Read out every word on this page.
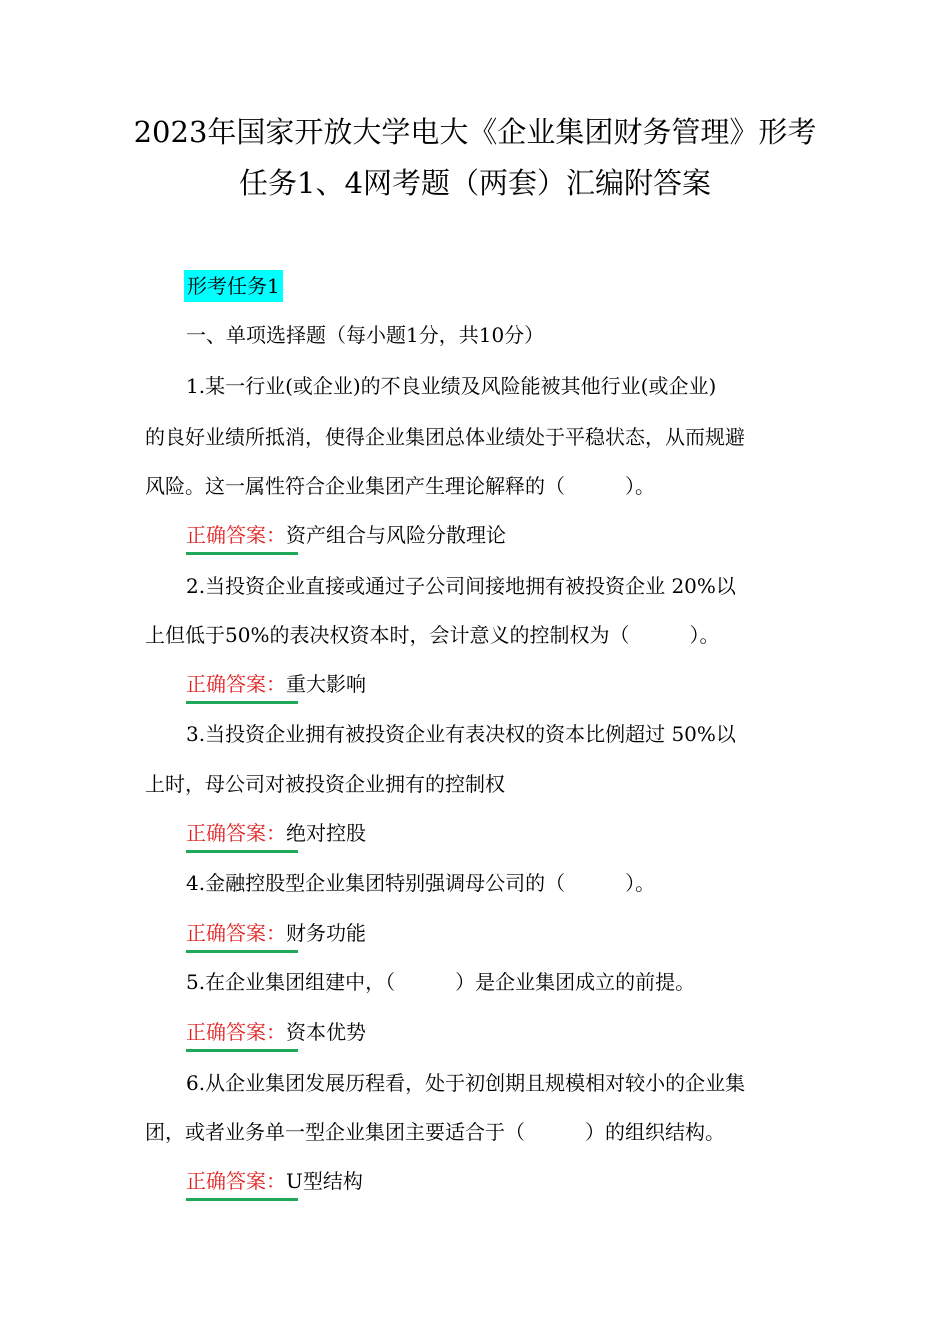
2023年国家开放大学电大《企业集团财务管理》形考
任务1、4网考题（两套）汇编附答案
形考任务1
一、单项选择题（每小题1分，共10分）
1.某一行业(或企业)的不良业绩及风险能被其他行业(或企业)
的良好业绩所抵消，使得企业集团总体业绩处于平稳状态，从而规避
风险。这一属性符合企业集团产生理论解释的（　　　）。
正确答案：资产组合与风险分散理论
2.当投资企业直接或通过子公司间接地拥有被投资企业 20%以
上但低于50%的表决权资本时，会计意义的控制权为（　　　）。
正确答案：重大影响
3.当投资企业拥有被投资企业有表决权的资本比例超过 50%以
上时，母公司对被投资企业拥有的控制权
正确答案：绝对控股
4.金融控股型企业集团特别强调母公司的（　　　）。
正确答案：财务功能
5.在企业集团组建中，（　　　）是企业集团成立的前提。
正确答案：资本优势
6.从企业集团发展历程看，处于初创期且规模相对较小的企业集
团，或者业务单一型企业集团主要适合于（　　　）的组织结构。
正确答案：U型结构
